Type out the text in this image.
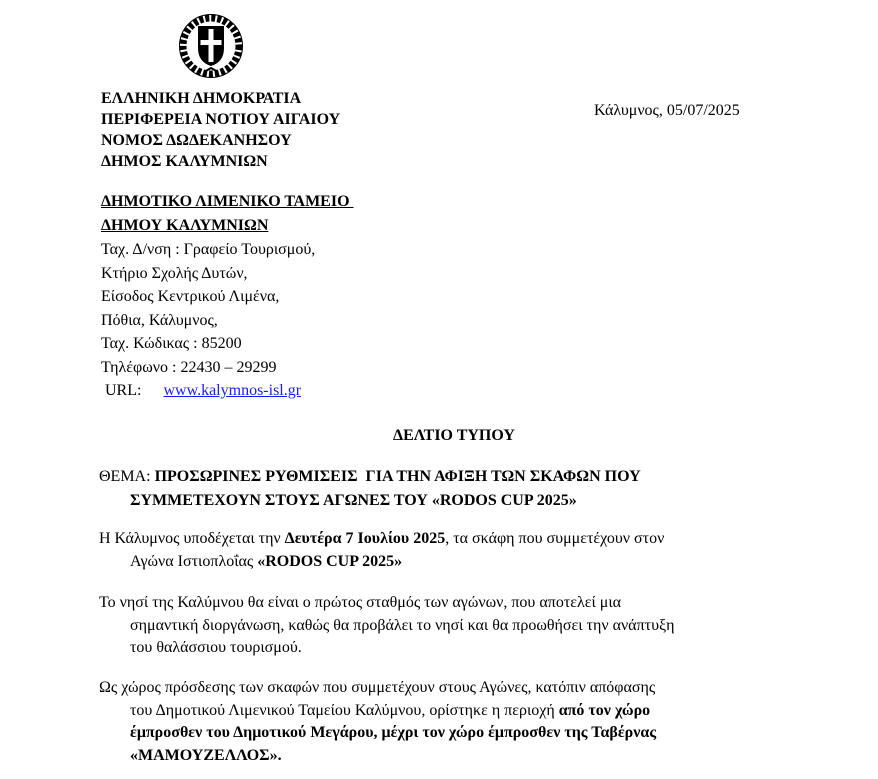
Κάλυμνος, 05/07/2025
ΕΛΛΗΝΙΚΗ ΔΗΜΟΚΡΑΤΙΑ
ΠΕΡΙΦΕΡΕΙΑ ΝΟΤΙΟΥ ΑΙΓΑΙΟΥ
ΝΟΜΟΣ ΔΩΔΕΚΑΝΗΣΟΥ
ΔΗΜΟΣ ΚΑΛΥΜΝΙΩΝ
ΔΗΜΟΤΙΚΟ ΛΙΜΕΝΙΚΟ ΤΑΜΕΙΟ
ΔΗΜΟΥ ΚΑΛΥΜΝΙΩΝ
Ταχ. Δ/νση : Γραφείο Τουρισμού,
Κτήριο Σχολής Δυτών,
Είσοδος Κεντρικού Λιμένα,
Πόθια, Κάλυμνος,
Ταχ. Κώδικας : 85200
Τηλέφωνο : 22430 – 29299
URL: www.kalymnos-isl.gr
ΔΕΛΤΙΟ ΤΥΠΟΥ
ΘΕΜΑ: ΠΡΟΣΩΡΙΝΕΣ ΡΥΘΜΙΣΕΙΣ  ΓΙΑ ΤΗΝ ΑΦΙΞΗ ΤΩΝ ΣΚΑΦΩΝ ΠΟΥ
ΣΥΜΜΕΤΕΧΟΥΝ ΣΤΟΥΣ ΑΓΩΝΕΣ ΤΟΥ «RODOS CUP 2025»
Η Κάλυμνος υποδέχεται την Δευτέρα 7 Ιουλίου 2025, τα σκάφη που συμμετέχουν στον
Αγώνα Ιστιοπλοΐας «RODOS CUP 2025»
Το νησί της Καλύμνου θα είναι ο πρώτος σταθμός των αγώνων, που αποτελεί μια
σημαντική διοργάνωση, καθώς θα προβάλει το νησί και θα προωθήσει την ανάπτυξη
του θαλάσσιου τουρισμού.
Ως χώρος πρόσδεσης των σκαφών που συμμετέχουν στους Αγώνες, κατόπιν απόφασης
του Δημοτικού Λιμενικού Ταμείου Καλύμνου, ορίστηκε η περιοχή από τον χώρο
έμπροσθεν του Δημοτικού Μεγάρου, μέχρι τον χώρο έμπροσθεν της Ταβέρνας
«ΜΑΜΟΥΖΕΛΛΟΣ».
